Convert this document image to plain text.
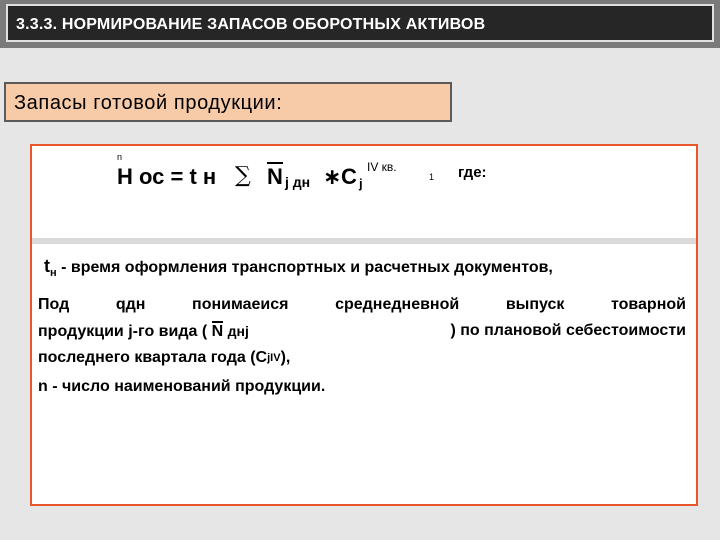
3.3.3. НОРМИРОВАНИЕ ЗАПАСОВ ОБОРОТНЫХ АКТИВОВ
Запасы готовой продукции:
Н ос = t н
n
∑ N j дн ∗ С j
IV кв.
1 где:
$t_н$ - время оформления транспортных и расчетных документов,
Под	qдн	понимаеися	среднедневной	выпуск	товарной
продукции j-го вида ( N днj	) по плановой себестоимости
последнего квартала года (С j IV ),
n - число наименований продукции.
